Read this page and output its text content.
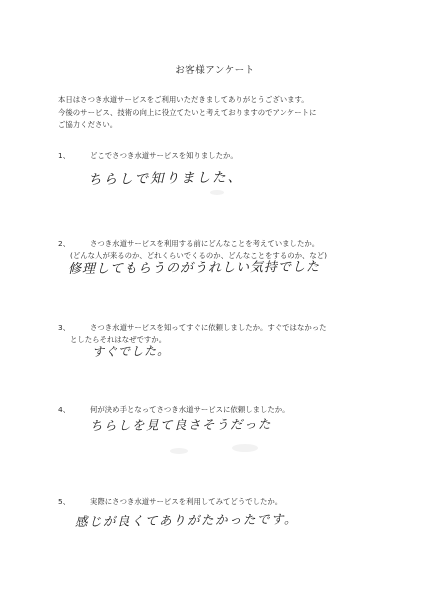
お客様アンケート
本日はさつき水道サービスをご利用いただきましてありがとうございます。
今後のサービス、技術の向上に役立てたいと考えておりますのでアンケートに
ご協力ください。
1、	どこでさつき水道サービスを知りましたか。
ちらしで知りました、
2、	さつき水道サービスを利用する前にどんなことを考えていましたか。
(どんな人が来るのか、どれくらいでくるのか、どんなことをするのか、など)
修理してもらうのがうれしい気持でした
3、	さつき水道サービスを知ってすぐに依頼しましたか。すぐではなかった
としたらそれはなぜですか。
すぐでした。
4、	何が決め手となってさつき水道サービスに依頼しましたか。
ちらしを見て良さそうだった
5、	実際にさつき水道サービスを利用してみてどうでしたか。
感じが良くてありがたかったです。
